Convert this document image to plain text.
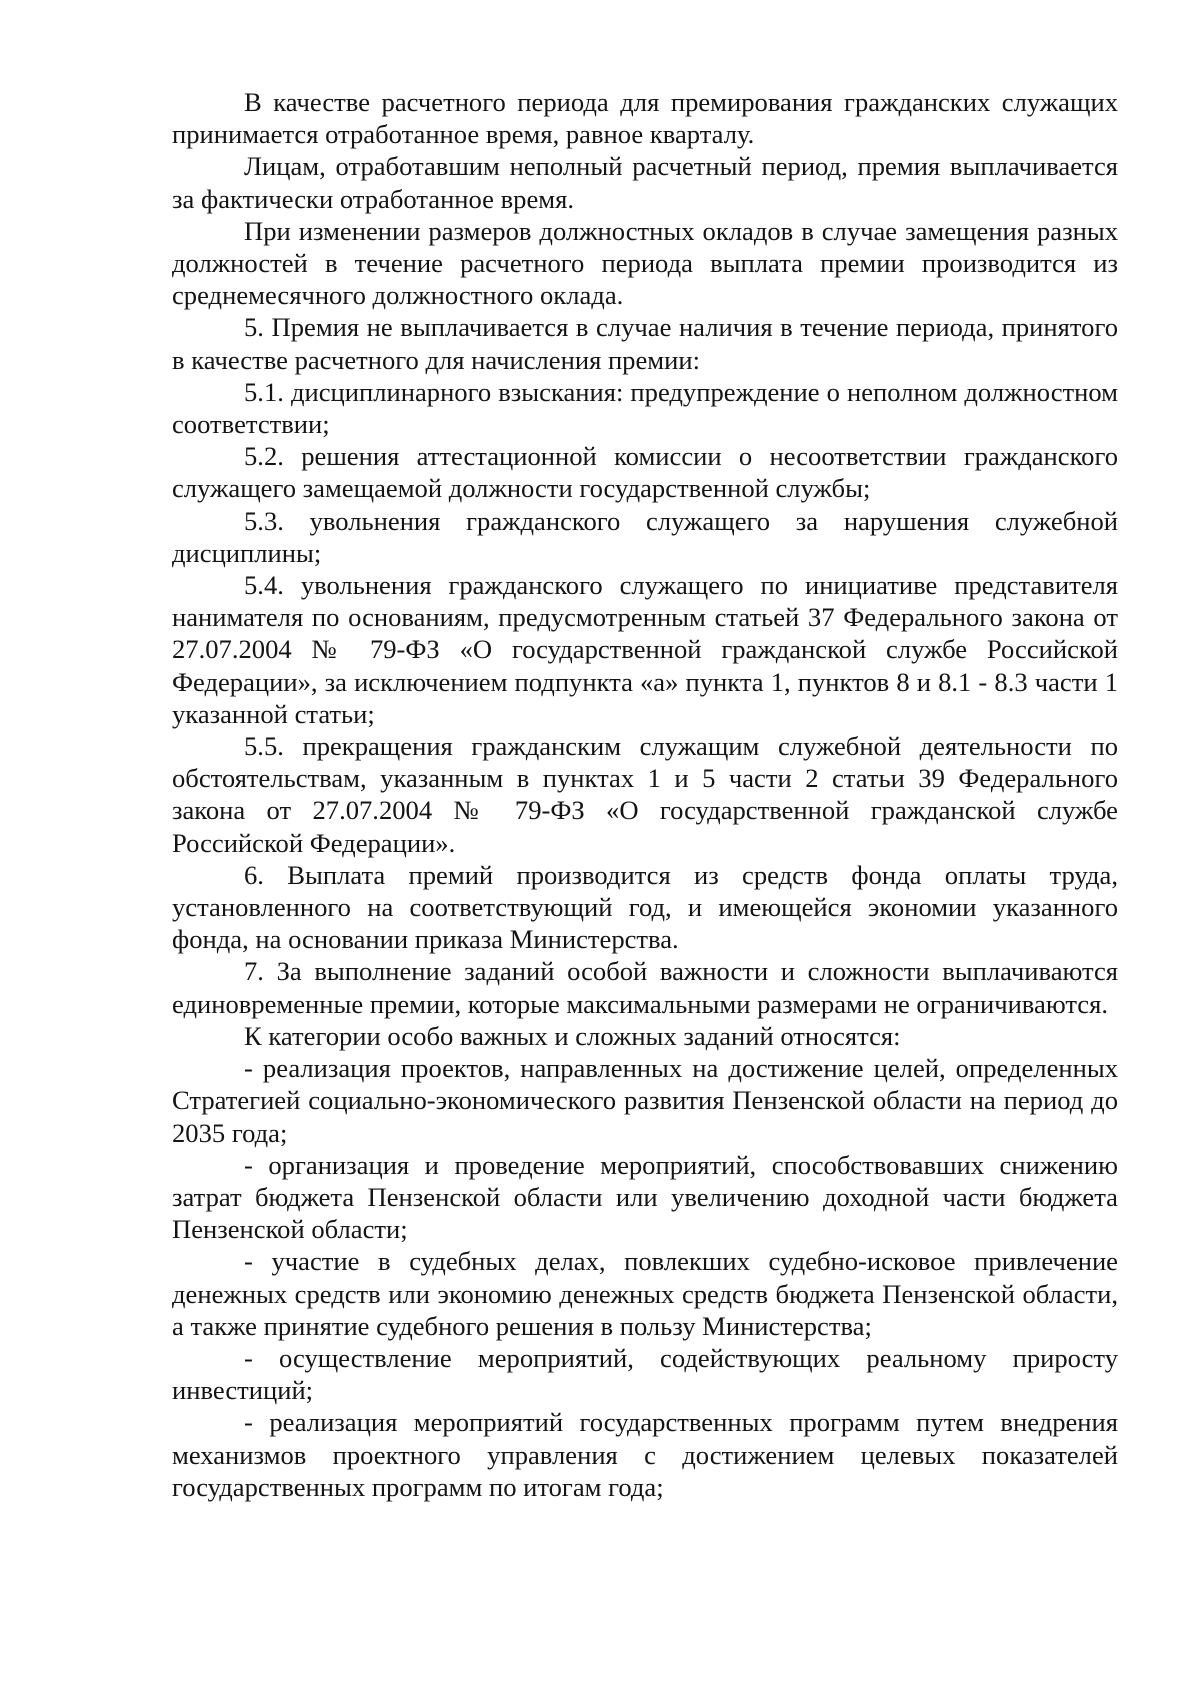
В качестве расчетного периода для премирования гражданских служащих принимается отработанное время, равное кварталу.

Лицам, отработавшим неполный расчетный период, премия выплачивается за фактически отработанное время.

При изменении размеров должностных окладов в случае замещения разных должностей в течение расчетного периода выплата премии производится из среднемесячного должностного оклада.

5. Премия не выплачивается в случае наличия в течение периода, принятого в качестве расчетного для начисления премии:

5.1. дисциплинарного взыскания: предупреждение о неполном должностном соответствии;

5.2. решения аттестационной комиссии о несоответствии гражданского служащего замещаемой должности государственной службы;

5.3. увольнения гражданского служащего за нарушения служебной дисциплины;

5.4. увольнения гражданского служащего по инициативе представителя нанимателя по основаниям, предусмотренным статьей 37 Федерального закона от 27.07.2004 № 79-ФЗ «О государственной гражданской службе Российской Федерации», за исключением подпункта «а» пункта 1, пунктов 8 и 8.1 - 8.3 части 1 указанной статьи;

5.5. прекращения гражданским служащим служебной деятельности по обстоятельствам, указанным в пунктах 1 и 5 части 2 статьи 39 Федерального закона от 27.07.2004 № 79-ФЗ «О государственной гражданской службе Российской Федерации».

6. Выплата премий производится из средств фонда оплаты труда, установленного на соответствующий год, и имеющейся экономии указанного фонда, на основании приказа Министерства.

7. За выполнение заданий особой важности и сложности выплачиваются единовременные премии, которые максимальными размерами не ограничиваются.

К категории особо важных и сложных заданий относятся:

- реализация проектов, направленных на достижение целей, определенных Стратегией социально-экономического развития Пензенской области на период до 2035 года;

- организация и проведение мероприятий, способствовавших снижению затрат бюджета Пензенской области или увеличению доходной части бюджета Пензенской области;

- участие в судебных делах, повлекших судебно-исковое привлечение денежных средств или экономию денежных средств бюджета Пензенской области, а также принятие судебного решения в пользу Министерства;

- осуществление мероприятий, содействующих реальному приросту инвестиций;

- реализация мероприятий государственных программ путем внедрения механизмов проектного управления с достижением целевых показателей государственных программ по итогам года;
